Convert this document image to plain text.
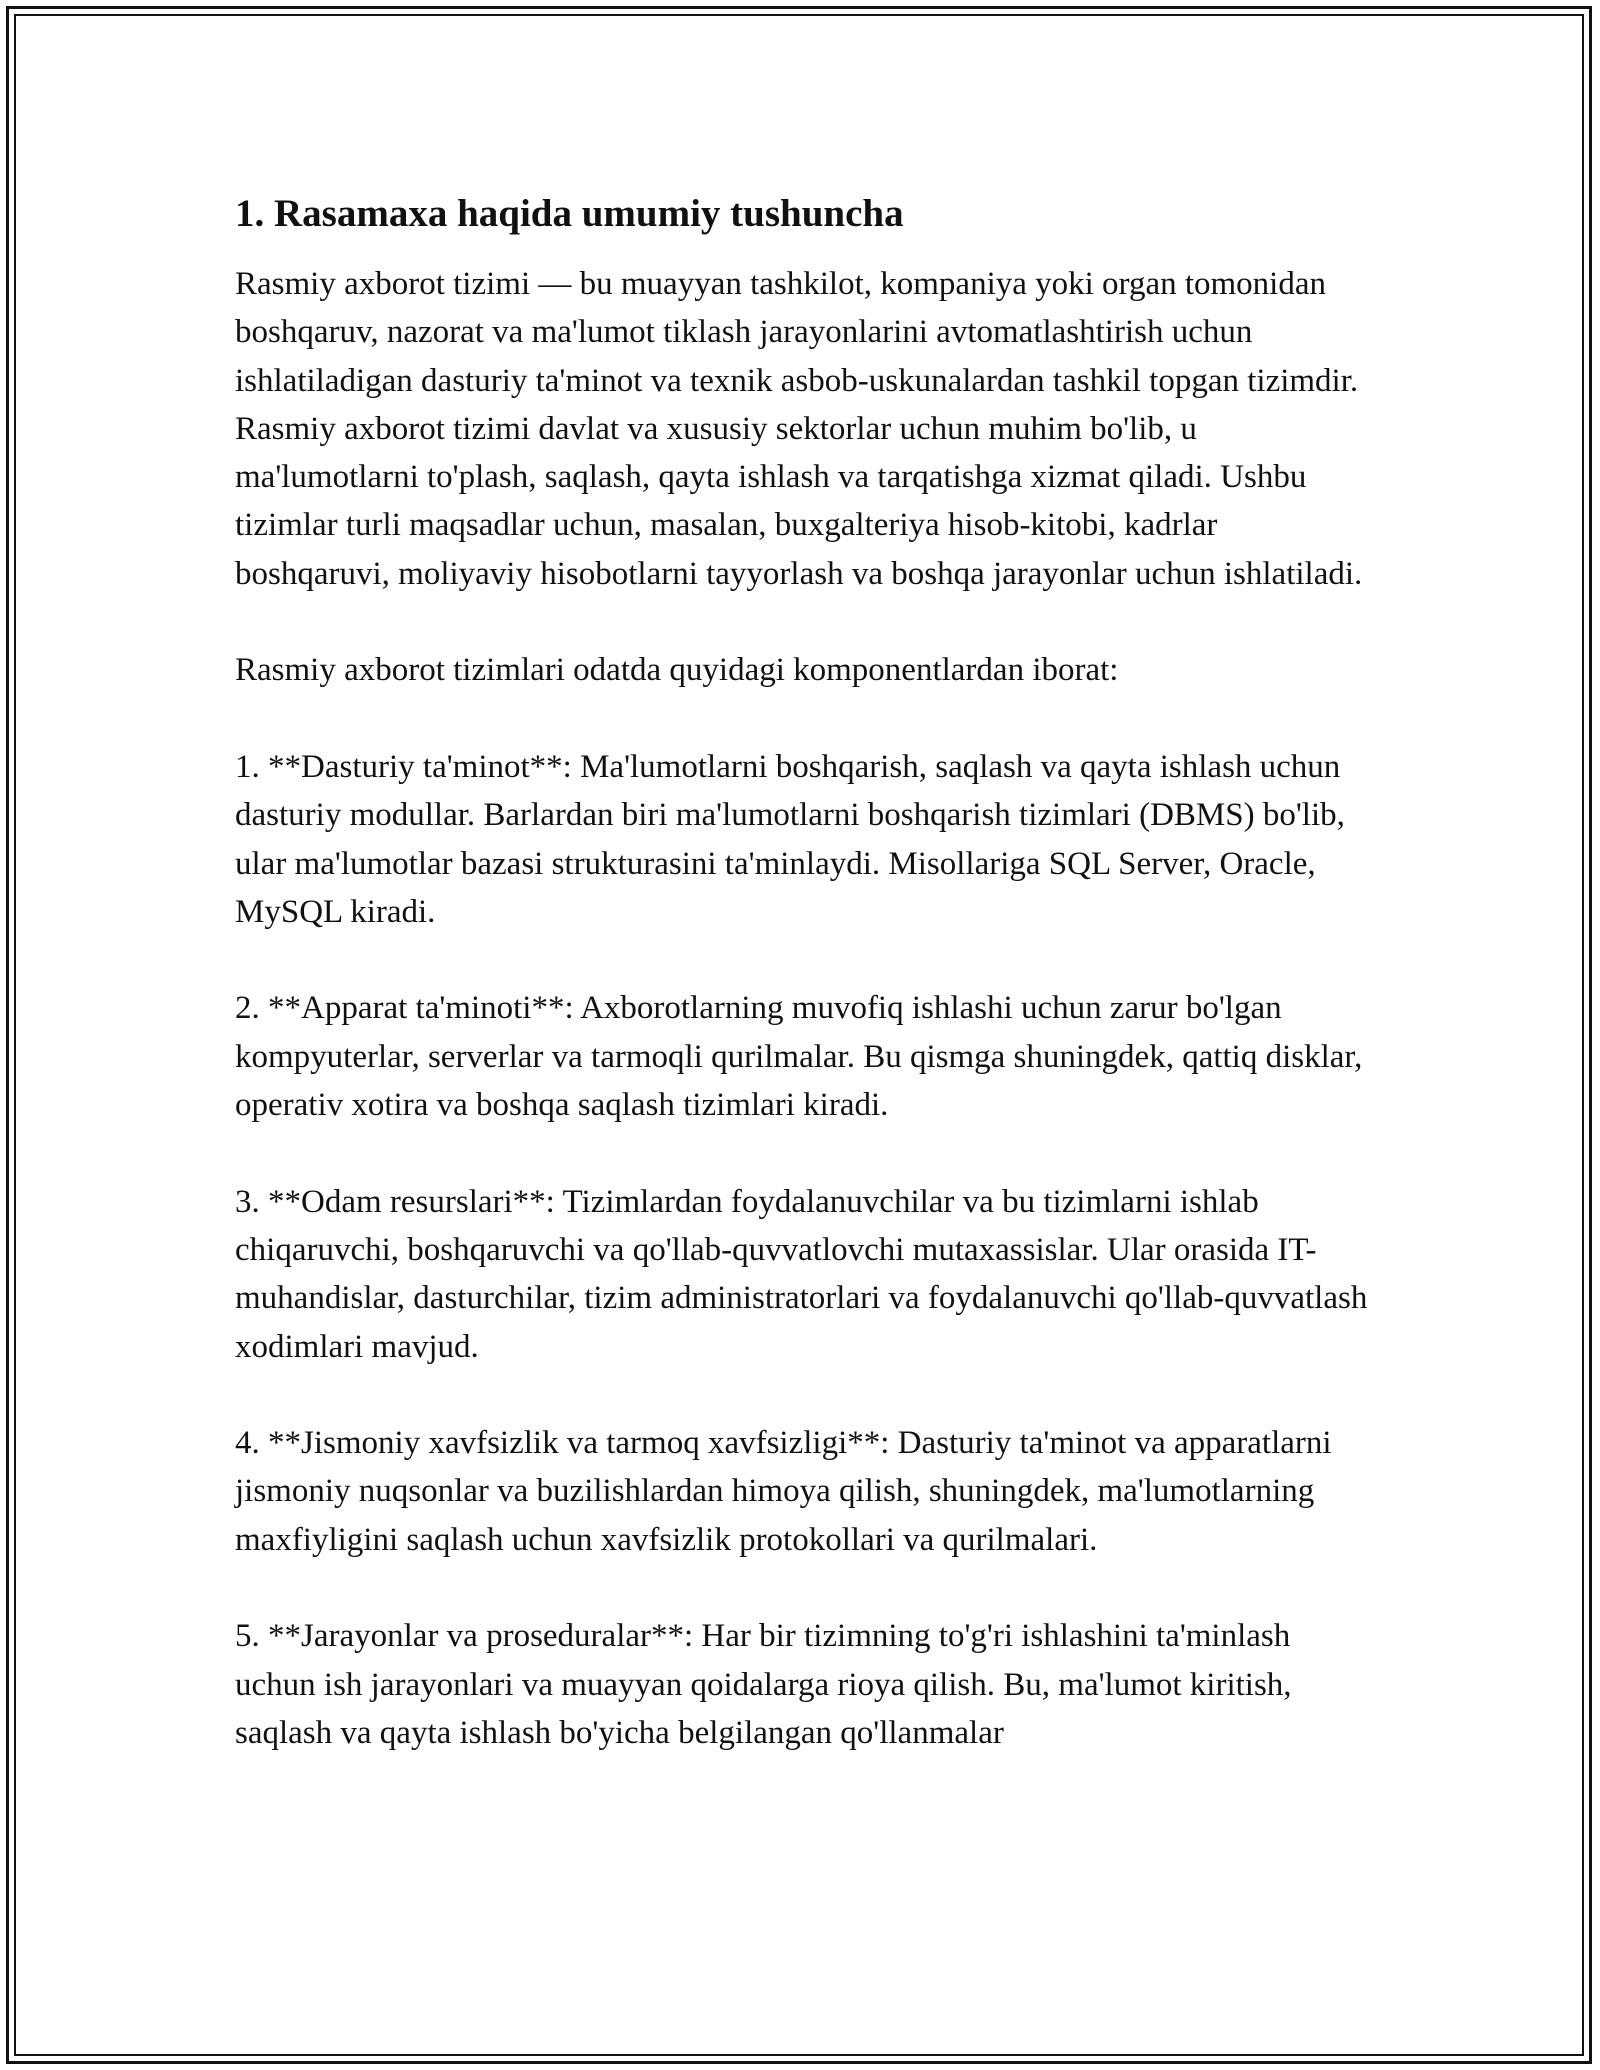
1. Rasamaxa haqida umumiy tushuncha

Rasmiy axborot tizimi — bu muayyan tashkilot, kompaniya yoki organ tomonidan boshqaruv, nazorat va ma'lumot tiklash jarayonlarini avtomatlashtirish uchun ishlatiladigan dasturiy ta'minot va texnik asbob-uskunalardan tashkil topgan tizimdir. Rasmiy axborot tizimi davlat va xususiy sektorlar uchun muhim bo'lib, u ma'lumotlarni to'plash, saqlash, qayta ishlash va tarqatishga xizmat qiladi. Ushbu tizimlar turli maqsadlar uchun, masalan, buxgalteriya hisob-kitobi, kadrlar boshqaruvi, moliyaviy hisobotlarni tayyorlash va boshqa jarayonlar uchun ishlatiladi.

Rasmiy axborot tizimlari odatda quyidagi komponentlardan iborat:

1. **Dasturiy ta'minot**: Ma'lumotlarni boshqarish, saqlash va qayta ishlash uchun dasturiy modullar. Barlardan biri ma'lumotlarni boshqarish tizimlari (DBMS) bo'lib, ular ma'lumotlar bazasi strukturasini ta'minlaydi. Misollariga SQL Server, Oracle, MySQL kiradi.

2. **Apparat ta'minoti**: Axborotlarning muvofiq ishlashi uchun zarur bo'lgan kompyuterlar, serverlar va tarmoqli qurilmalar. Bu qismga shuningdek, qattiq disklar, operativ xotira va boshqa saqlash tizimlari kiradi.

3. **Odam resurslari**: Tizimlardan foydalanuvchilar va bu tizimlarni ishlab chiqaruvchi, boshqaruvchi va qo'llab-quvvatlovchi mutaxassislar. Ular orasida IT-muhandislar, dasturchilar, tizim administratorlari va foydalanuvchi qo'llab-quvvatlash xodimlari mavjud.

4. **Jismoniy xavfsizlik va tarmoq xavfsizligi**: Dasturiy ta'minot va apparatlarni jismoniy nuqsonlar va buzilishlardan himoya qilish, shuningdek, ma'lumotlarning maxfiyligini saqlash uchun xavfsizlik protokollari va qurilmalari.

5. **Jarayonlar va proseduralar**: Har bir tizimning to'g'ri ishlashini ta'minlash uchun ish jarayonlari va muayyan qoidalarga rioya qilish. Bu, ma'lumot kiritish, saqlash va qayta ishlash bo'yicha belgilangan qo'llanmalar
